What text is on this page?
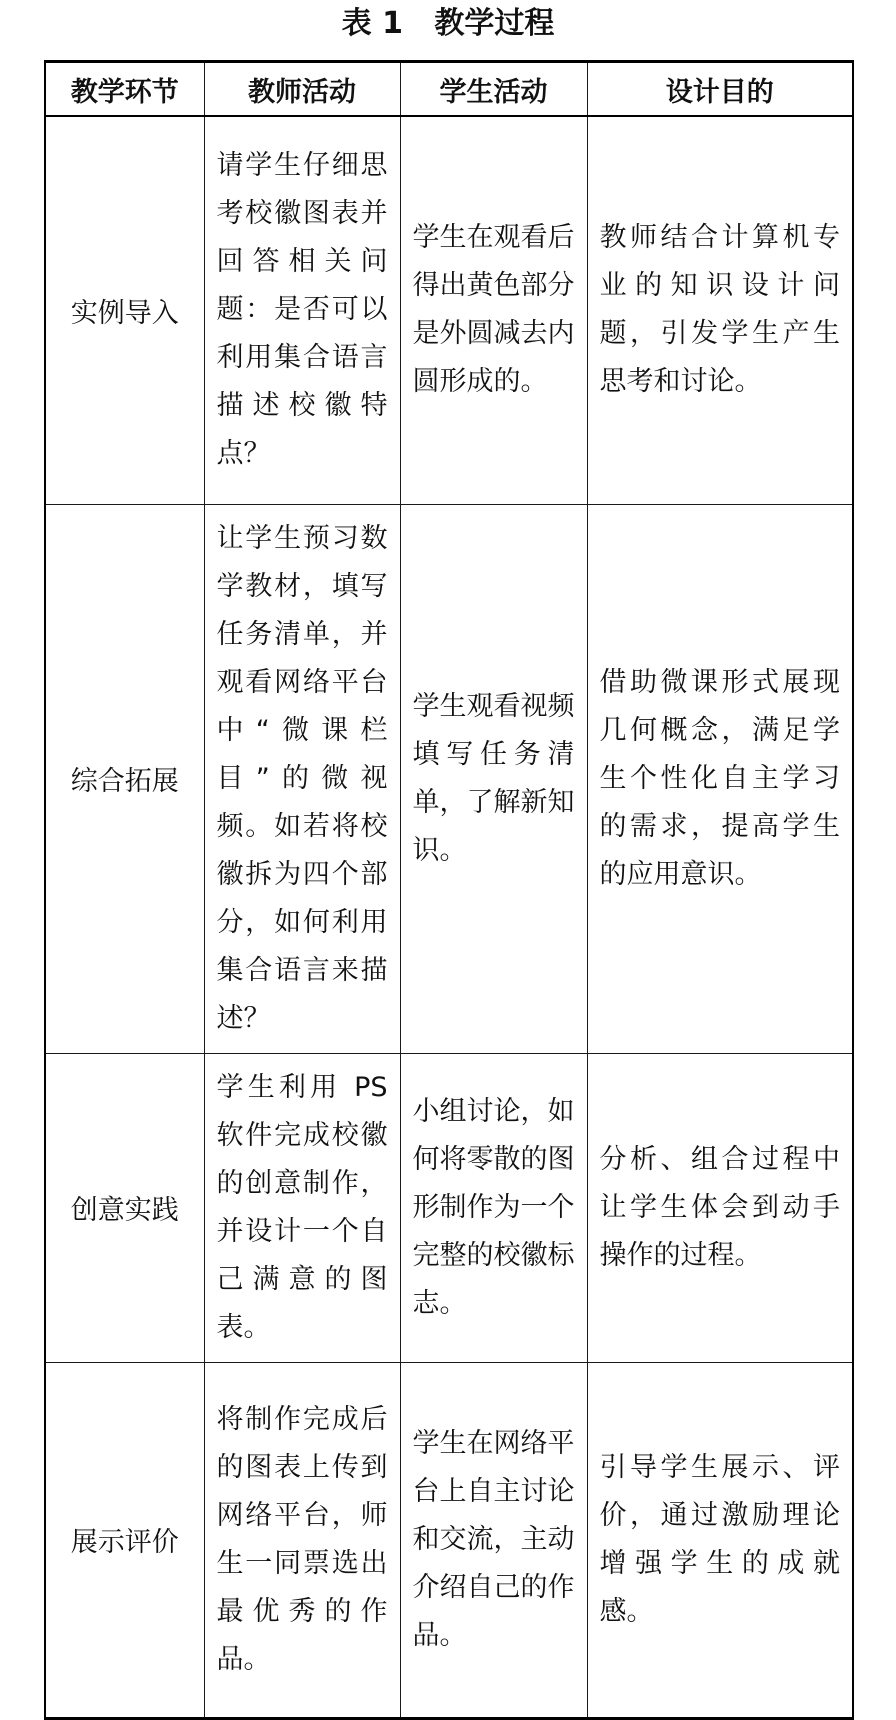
表 1   教学过程
教学环节	教师活动	学生活动	设计目的
实例导入	请学生仔细思考校徽图表并回答相关问题：是否可以利用集合语言描述校徽特点？	学生在观看后得出黄色部分是外圆减去内圆形成的。	教师结合计算机专业的知识设计问题，引发学生产生思考和讨论。
综合拓展	让学生预习数学教材，填写任务清单，并观看网络平台中“微课栏目”的微视频。如若将校徽拆为四个部分，如何利用集合语言来描述？	学生观看视频填写任务清单，了解新知识。	借助微课形式展现几何概念，满足学生个性化自主学习的需求，提高学生的应用意识。
创意实践	学生利用 PS 软件完成校徽的创意制作，并设计一个自己满意的图表。	小组讨论，如何将零散的图形制作为一个完整的校徽标志。	分析、组合过程中让学生体会到动手操作的过程。
展示评价	将制作完成后的图表上传到网络平台，师生一同票选出最优秀的作品。	学生在网络平台上自主讨论和交流，主动介绍自己的作品。	引导学生展示、评价，通过激励理论增强学生的成就感。
